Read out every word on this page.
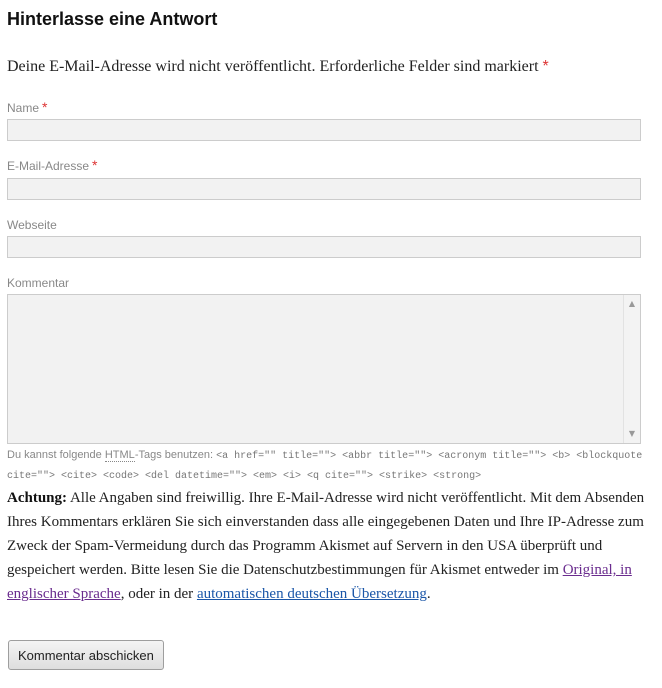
Hinterlasse eine Antwort

Deine E-Mail-Adresse wird nicht veröffentlicht. Erforderliche Felder sind markiert *

Name *
E-Mail-Adresse *
Webseite
Kommentar
▲
▼

Du kannst folgende HTML-Tags benutzen: <a href="" title=""> <abbr title=""> <acronym title=""> <b> <blockquote cite=""> <cite> <code> <del datetime=""> <em> <i> <q cite=""> <strike> <strong>

Achtung: Alle Angaben sind freiwillig. Ihre E-Mail-Adresse wird nicht veröffentlicht. Mit dem Absenden Ihres Kommentars erklären Sie sich einverstanden dass alle eingegebenen Daten und Ihre IP-Adresse zum Zweck der Spam-Vermeidung durch das Programm Akismet auf Servern in den USA überprüft und gespeichert werden. Bitte lesen Sie die Datenschutzbestimmungen für Akismet entweder im Original, in englischer Sprache, oder in der automatischen deutschen Übersetzung.

Kommentar abschicken
